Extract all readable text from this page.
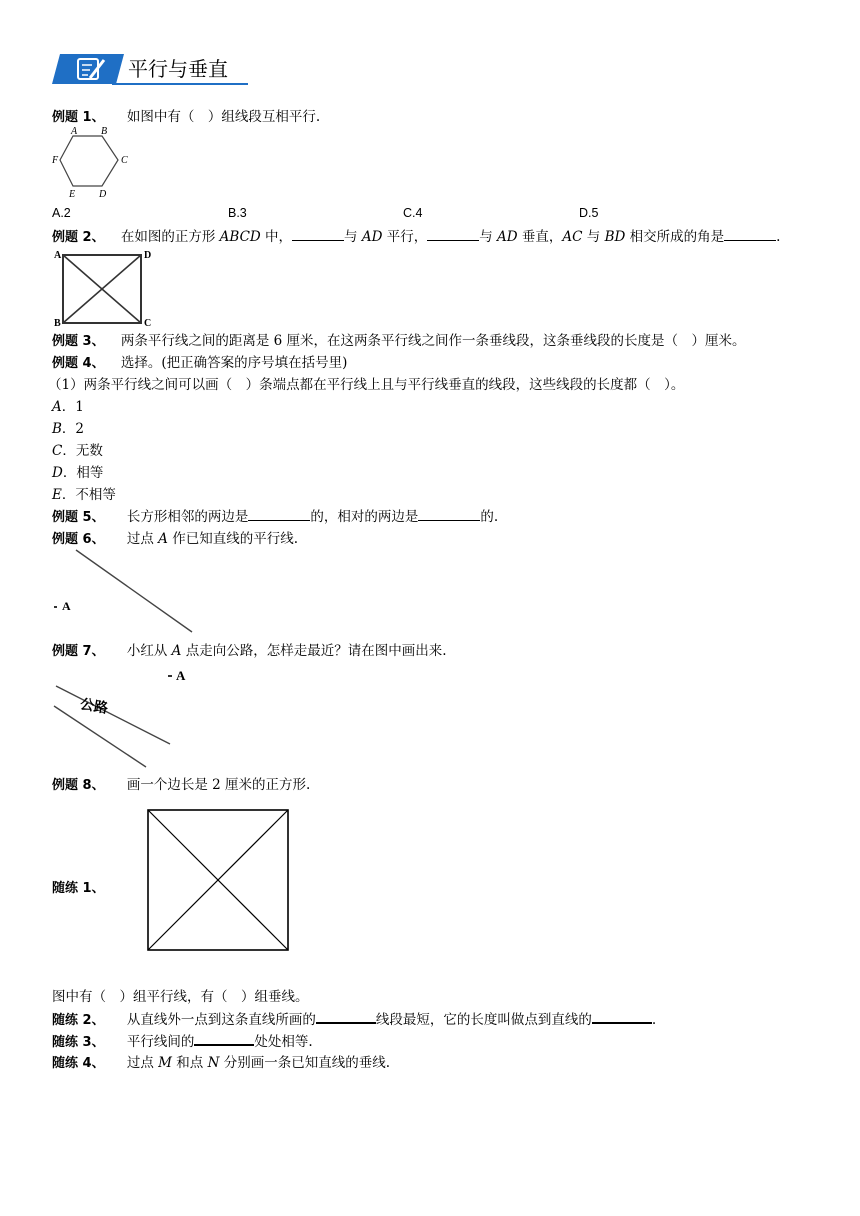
平行与垂直
例题 1、 如图中有（　）组线段互相平行.
A B
C
D
E
F
A.2	B.3	C.4	D.5
例题 2、 在如图的正方形 ABCD 中，	与 AD 平行，	与 AD 垂直，AC 与 BD 相交所成的角是	.
A	D
B	C
例题 3、 两条平行线之间的距离是 6 厘米，在这两条平行线之间作一条垂线段，这条垂线段的长度是（　）厘米。
例题 4、 选择。(把正确答案的序号填在括号里)
（1）两条平行线之间可以画（　）条端点都在平行线上且与平行线垂直的线段，这些线段的长度都（　）。
A．1
B．2
C．无数
D．相等
E．不相等
例题 5、 长方形相邻的两边是	的，相对的两边是	的.
例题 6、 过点 A 作已知直线的平行线.
A
例题 7、 小红从 A 点走向公路，怎样走最近？请在图中画出来.
A
公路
例题 8、 画一个边长是 2 厘米的正方形.
随练 1、
图中有（　）组平行线，有（　）组垂线。
随练 2、 从直线外一点到这条直线所画的	线段最短，它的长度叫做点到直线的	.
随练 3、 平行线间的	处处相等.
随练 4、 过点 M 和点 N 分别画一条已知直线的垂线.
